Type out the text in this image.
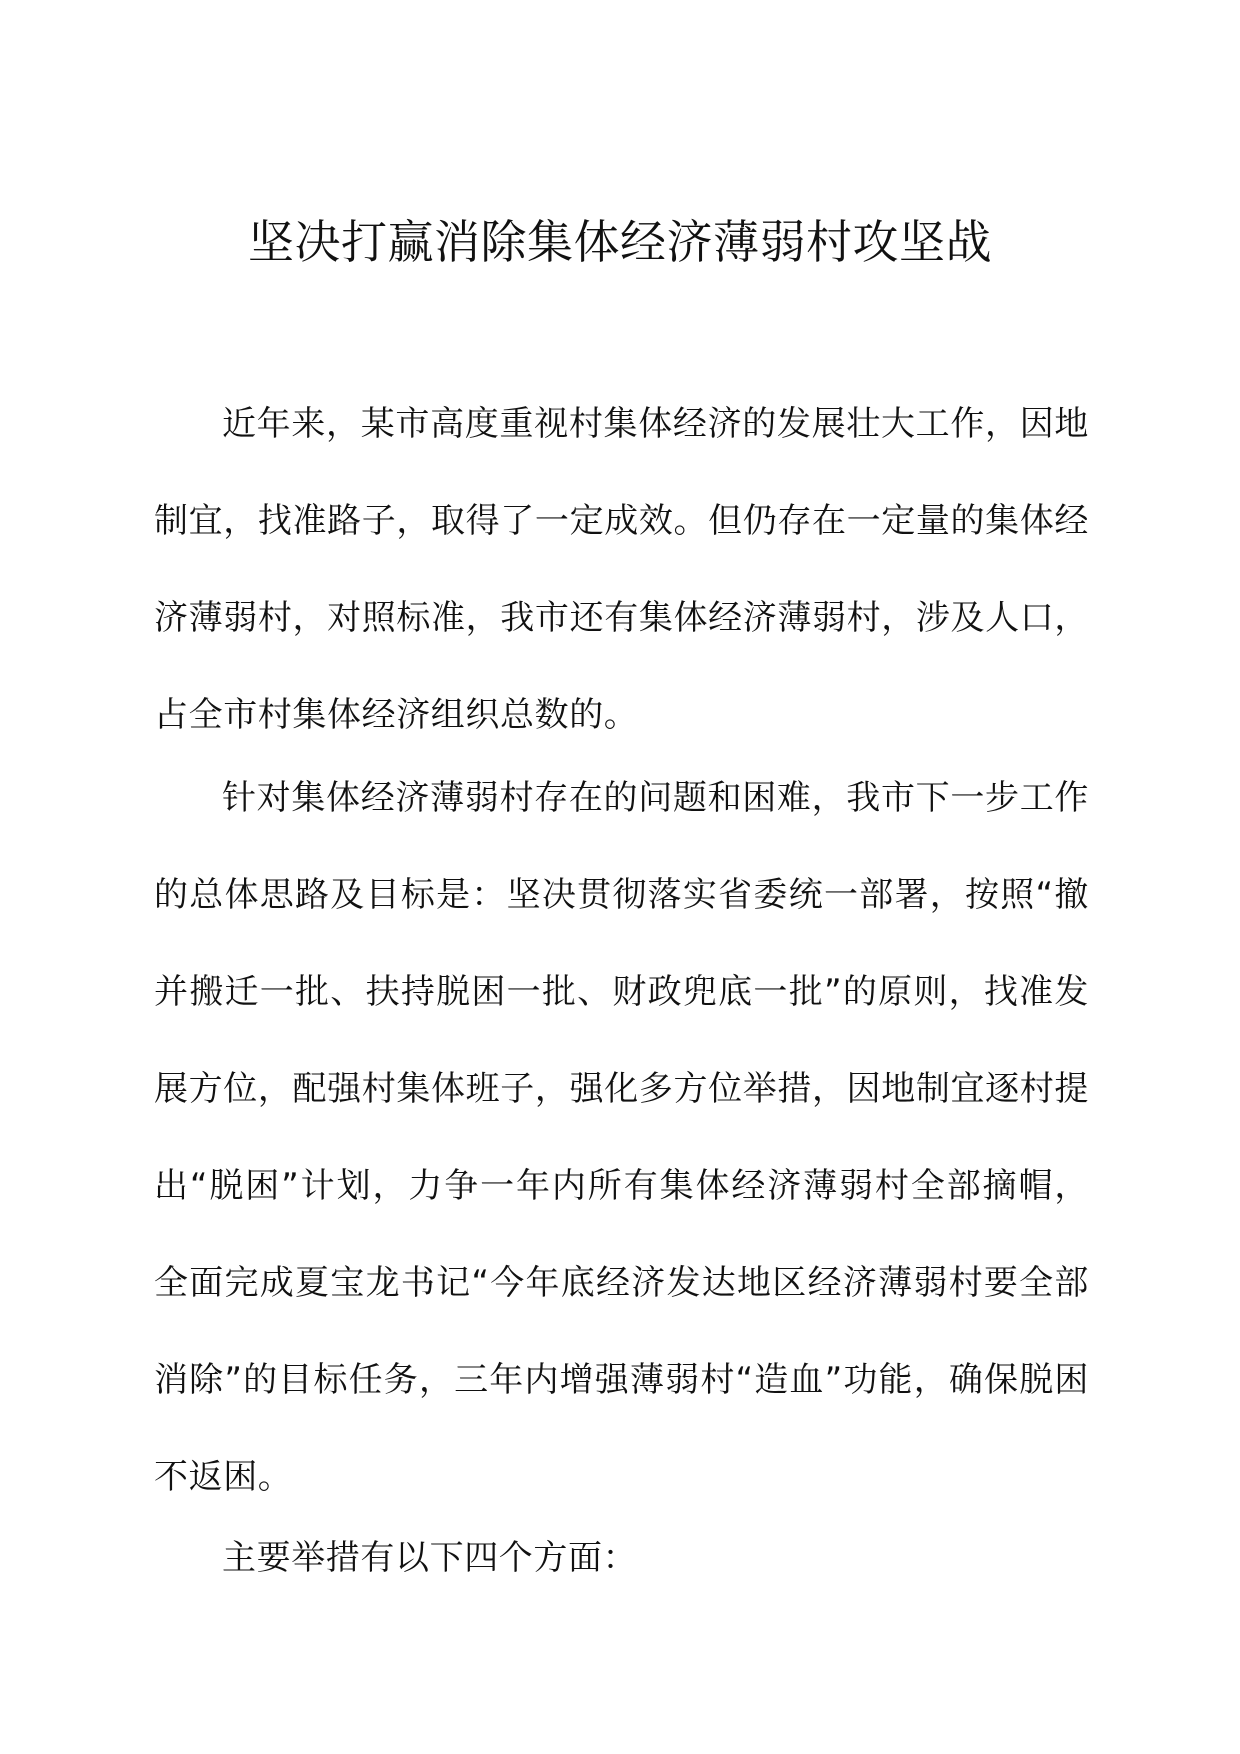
坚决打赢消除集体经济薄弱村攻坚战

近年来，某市高度重视村集体经济的发展壮大工作，因地制宜，找准路子，取得了一定成效。但仍存在一定量的集体经济薄弱村，对照标准，我市还有集体经济薄弱村，涉及人口，占全市村集体经济组织总数的。

针对集体经济薄弱村存在的问题和困难，我市下一步工作的总体思路及目标是：坚决贯彻落实省委统一部署，按照“撤并搬迁一批、扶持脱困一批、财政兜底一批”的原则，找准发展方位，配强村集体班子，强化多方位举措，因地制宜逐村提出“脱困”计划，力争一年内所有集体经济薄弱村全部摘帽，全面完成夏宝龙书记“今年底经济发达地区经济薄弱村要全部消除”的目标任务，三年内增强薄弱村“造血”功能，确保脱困不返困。

主要举措有以下四个方面：
